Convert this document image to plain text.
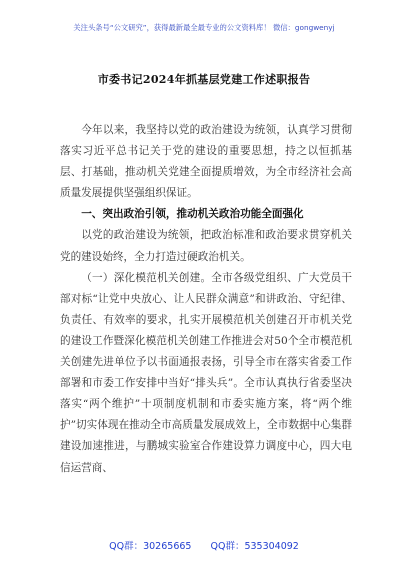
关注头条号“公文研究”，获得最新最全最专业的公文资料库！ 微信：gongwenyj
市委书记2024年抓基层党建工作述职报告

今年以来，我坚持以党的政治建设为统领，认真学习贯彻落实习近平总书记关于党的建设的重要思想，持之以恒抓基层、打基础，推动机关党建全面提质增效，为全市经济社会高质量发展提供坚强组织保证。

一、突出政治引领，推动机关政治功能全面强化

以党的政治建设为统领，把政治标准和政治要求贯穿机关党的建设始终，全力打造过硬政治机关。

（一）深化模范机关创建。全市各级党组织、广大党员干部对标“让党中央放心、让人民群众满意”和讲政治、守纪律、负责任、有效率的要求，扎实开展模范机关创建召开市机关党的建设工作暨深化模范机关创建工作推进会对50个全市模范机关创建先进单位予以书面通报表扬，引导全市在落实省委工作部署和市委工作安排中当好“排头兵”。全市认真执行省委坚决落实“两个维护”十项制度机制和市委实施方案，将“两个维护”切实体现在推动全市高质量发展成效上，全市数据中心集群建设加速推进，与鹏城实验室合作建设算力调度中心，四大电信运营商、

QQ群：30265665 QQ群：535304092
